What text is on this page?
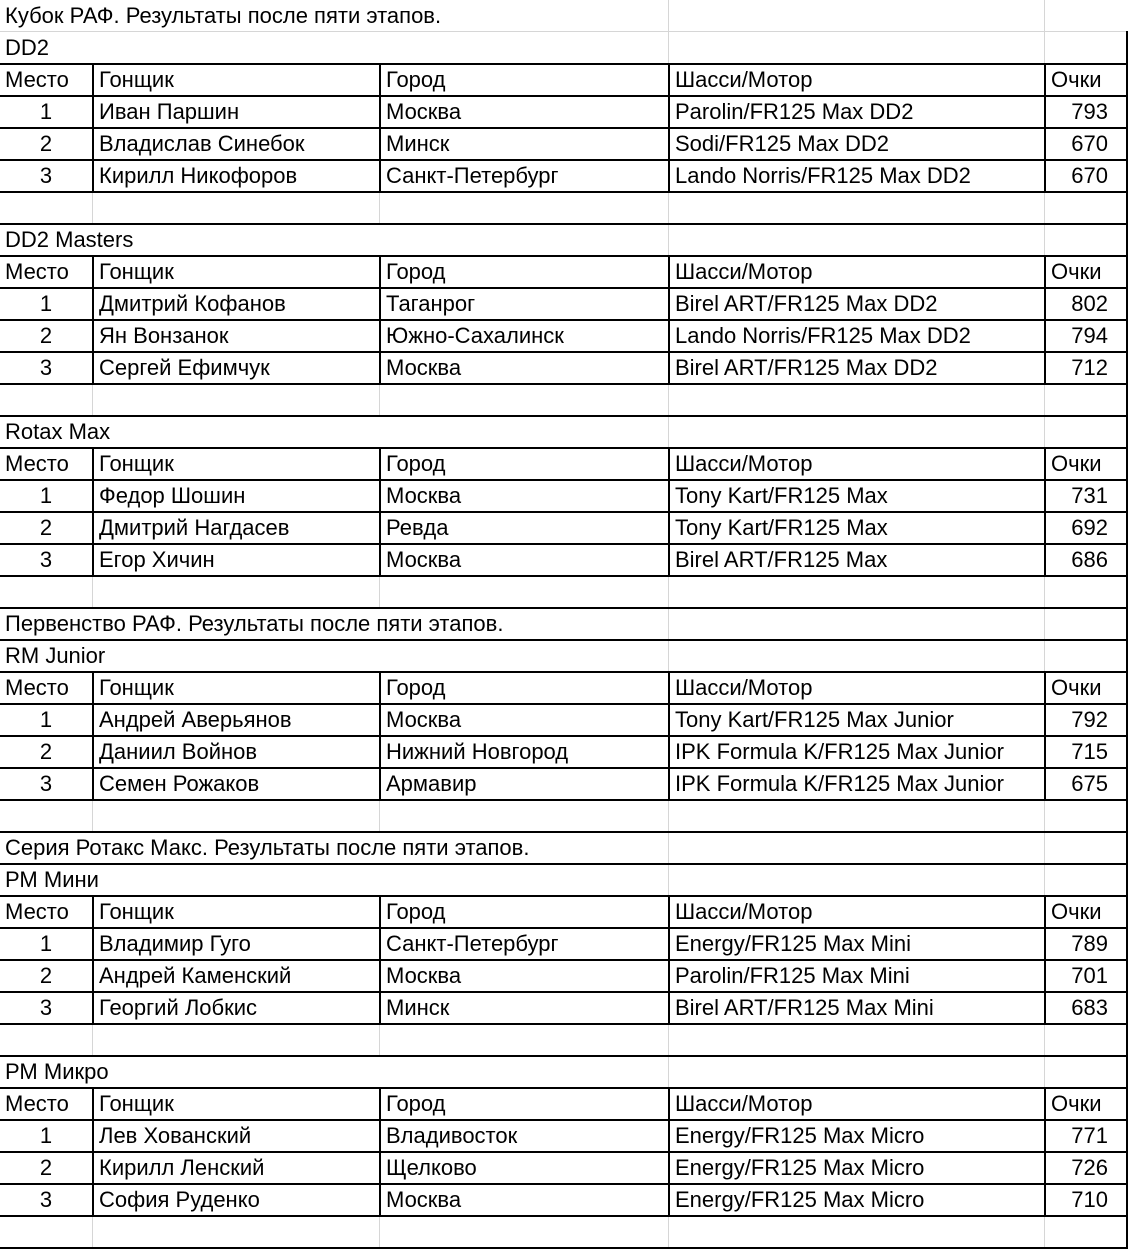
Кубок РАФ. Результаты после пяти этапов.
DD2
Место	Гонщик	Город	Шасси/Мотор	Очки
1	Иван Паршин	Москва	Parolin/FR125 Max DD2	793
2	Владислав Синебок	Минск	Sodi/FR125 Max DD2	670
3	Кирилл Никофоров	Санкт-Петербург	Lando Norris/FR125 Max DD2	670
DD2 Masters
Место	Гонщик	Город	Шасси/Мотор	Очки
1	Дмитрий Кофанов	Таганрог	Birel ART/FR125 Max DD2	802
2	Ян Вонзанок	Южно-Сахалинск	Lando Norris/FR125 Max DD2	794
3	Сергей Ефимчук	Москва	Birel ART/FR125 Max DD2	712
Rotax Max
Место	Гонщик	Город	Шасси/Мотор	Очки
1	Федор Шошин	Москва	Tony Kart/FR125 Max	731
2	Дмитрий Нагдасев	Ревда	Tony Kart/FR125 Max	692
3	Егор Хичин	Москва	Birel ART/FR125 Max	686
Первенство РАФ. Результаты после пяти этапов.
RM Junior
Место	Гонщик	Город	Шасси/Мотор	Очки
1	Андрей Аверьянов	Москва	Tony Kart/FR125 Max Junior	792
2	Даниил Войнов	Нижний Новгород	IPK Formula K/FR125 Max Junior	715
3	Семен Рожаков	Армавир	IPK Formula K/FR125 Max Junior	675
Серия Ротакс Макс. Результаты после пяти этапов.
РМ Мини
Место	Гонщик	Город	Шасси/Мотор	Очки
1	Владимир Гуго	Санкт-Петербург	Energy/FR125 Max Mini	789
2	Андрей Каменский	Москва	Parolin/FR125 Max Mini	701
3	Георгий Лобкис	Минск	Birel ART/FR125 Max Mini	683
РМ Микро
Место	Гонщик	Город	Шасси/Мотор	Очки
1	Лев Хованский	Владивосток	Energy/FR125 Max Micro	771
2	Кирилл Ленский	Щелково	Energy/FR125 Max Micro	726
3	София Руденко	Москва	Energy/FR125 Max Micro	710
